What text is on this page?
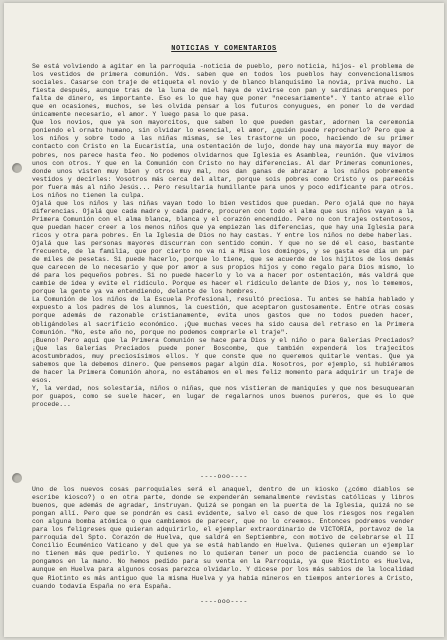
NOTICIAS Y COMENTARIOS

Se está volviendo a agitar en la parroquia -noticia de pueblo, pero noticia, hijos- el problema de los vestidos de primera comunión. Vds. saben que en todos los pueblos hay convencionalismos sociales. Casarse con traje de etiqueta el novio y de blanco blanquísimo la novia, priva mucho. La fiesta después, aunque tras de la luna de miel haya de vivirse con pan y sardinas arenques por falta de dinero, es importante. Eso es lo que hay que poner "necesariamente". Y tanto atrae ello que en ocasiones, muchos, se les olvida pensar a los futuros conyugues, en poner lo de verdad únicamente necesario, el amor. Y luego pasa lo que pasa.

Que los novios, que ya son mayorcitos, que saben lo que pueden gastar, adornen la ceremonia poniendo el ornato humano, sin olvidar lo esencial, el amor, ¿quién puede reprocharlo? Pero que a los niños y sobre todo a las niñas mismas, se les trastorne un poco, haciendo de su primer contacto con Cristo en la Eucaristía, una ostentación de lujo, donde hay una mayoría muy mayor de pobres, nos parece hasta feo. No podemos olvidarnos que Iglesia es Asamblea, reunión. Que vivimos unos con otros. Y que en la Comunión con Cristo no hay diferencias. Al dar Primeras comuniones, donde unos visten muy bien y otros muy mal, nos dan ganas de abrazar a los niños pobremente vestidos y decirles: Vosotros más cerca del altar, porque sois pobres como Cristo y os parecéis por fuera más al niño Jesús... Pero resultaría humillante para unos y poco edificante para otros. Los niños no tienen la culpa.

Ojalá que los niños y las niñas vayan todo lo bien vestidos que puedan. Pero ojalá que no haya diferencias. Ojalá que cada madre y cada padre, procuren con todo el alma que sus niños vayan a la Primera Comunión con el alma blanca, blanca y el corazón encendido. Pero no con trajes ostentosos, que puedan hacer creer a los menos niños que ya empiezan las diferencias, que hay una Iglesia para ricos y otra para pobres. En la Iglesia de Dios no hay castas. Y entre los niños no debe haberlas.

Ojalá que las personas mayores discurran con sentido común. Y que no se dé el caso, bastante frecuente, de la familia, que por cierto no va ni a Misa los domingos, y se gasta ese día un par de miles de pesetas. Si puede hacerlo, porque lo tiene, que se acuerde de los hijitos de los demás que carecen de lo necesario y que por amor a sus propios hijos y como regalo para Dios mismo, lo dé para los pequeños pobres. Si no puede hacerlo y lo va a hacer por ostentación, más valdrá que cambie de idea y evite el ridículo. Porque es hacer el ridículo delante de Dios y, nos lo tememos, porque la gente ya va entendiendo, delante de los hombres.

La Comunión de los niños de la Escuela Profesional, resultó preciosa. Tu antes se había hablado y expuesto a los padres de los alumnos, la cuestión, que aceptaron gustosamente. Entre otras cosas porque además de razonable cristianamente, evita unos gastos que no todos pueden hacer, obligándoles al sacrificio económico. ¡Que muchas veces ha sido causa del retraso en la Primera Comunión. "No, este año no, porque no podemos comprarle el traje".

¡Bueno! Pero aquí que la Primera Comunión se hace para Dios y el niño o para Galerías Preciados? ¡Que las Galerías Preciados puede poner Boscombe, que también expenderá los trajecitos acostumbrados, muy preciosísimos ellos. Y que conste que no queremos quitarle ventas. Que ya sabemos que la debemos dinero. Que pensemos pagar algún día. Nosotros, por ejemplo, si hubiéramos de hacer la Primera Comunión ahora, no estábamos en el mes feliz momento para adquirir un traje de esos.

Y, la verdad, nos solestaría, niños o niñas, que nos vistieran de maniquíes y que nos besuquearan por guapos, como se suele hacer, en lugar de regalarnos unos buenos pureros, que es lo que procede...

----ooo----

Uno de los nuevos cosas parroquiales será el anaquel, dentro de un kiosko (¿cómo diablos se escribe kiosco?) o en otra parte, donde se expenderán semanalmente revistas católicas y libros buenos, que además de agradar, instruyan. Quizá se pongan en la puerta de la Iglesia, quizá no se pongan allí. Pero que se pondrán es casi evidente, salvo el caso de que los riesgos nos regalen con alguna bomba atómica o que cambiemos de parecer, que no lo creemos. Entonces podremos vender para los feligreses que quieran adquirirlo, el ejemplar extraordinario de VICTORIA, portavoz de la parroquia del Spto. Corazón de Huelva, que saldrá en Septiembre, con motivo de celebrarse el II Concilio Ecuménico Vaticano y del que ya se está hablando en Huelva. Quienes quieran un ejemplar no tienen más que pedirlo. Y quienes no lo quieran tener un poco de paciencia cuando se lo pongamos en la mano. No hemos pedido para su venta en la Parroquia, ya que Riotinto es Huelva, aunque en Huelva para algunos cosas parezca olvidarlo. Y dicese por los más sabios de la localidad que Riotinto es más antiguo que la misma Huelva y ya había mineros en tiempos anteriores a Cristo, cuando todavía España no era España.

----ooo----
